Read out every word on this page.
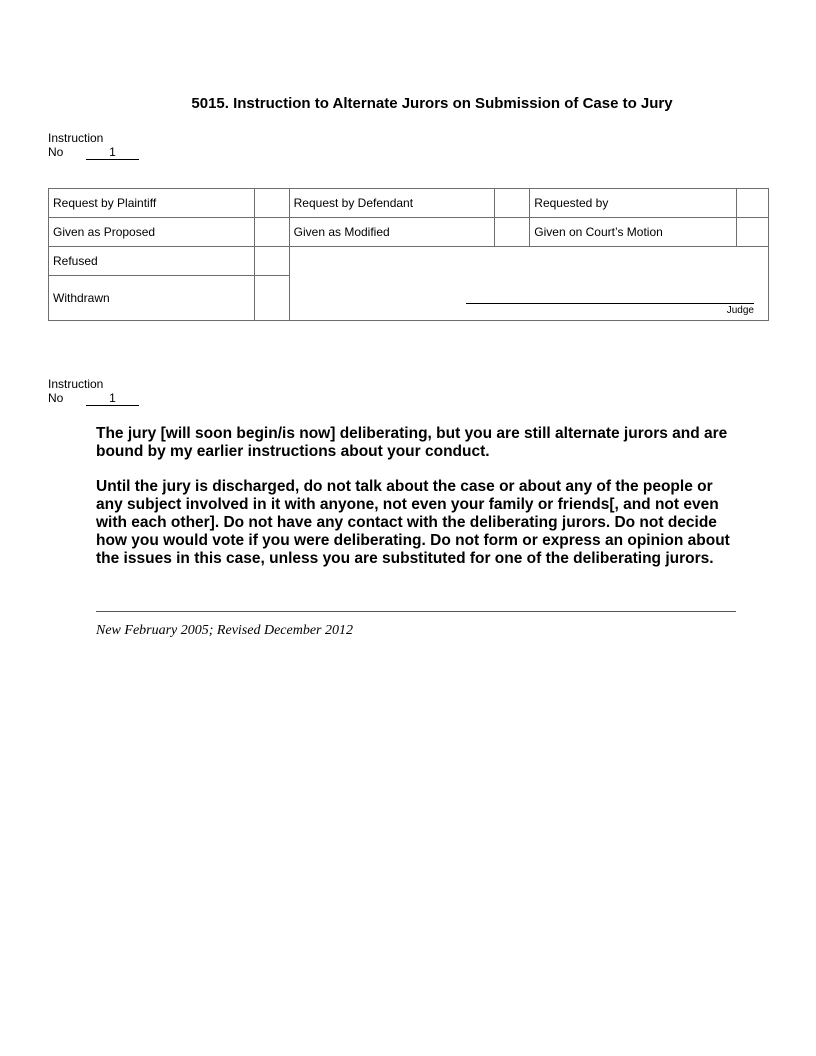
5015. Instruction to Alternate Jurors on Submission of Case to Jury
Instruction
No	1
Request by Plaintiff		Request by Defendant		Requested by	
Given as Proposed		Given as Modified		Given on Court’s Motion	
Refused		Judge			

Withdrawn					
Instruction
No	1

The jury [will soon begin/is now] deliberating, but you are still alternate jurors and are bound by my earlier instructions about your conduct.

Until the jury is discharged, do not talk about the case or about any of the people or any subject involved in it with anyone, not even your family or friends[, and not even with each other]. Do not have any contact with the deliberating jurors. Do not decide how you would vote if you were deliberating. Do not form or express an opinion about the issues in this case, unless you are substituted for one of the deliberating jurors.

New February 2005; Revised December 2012
